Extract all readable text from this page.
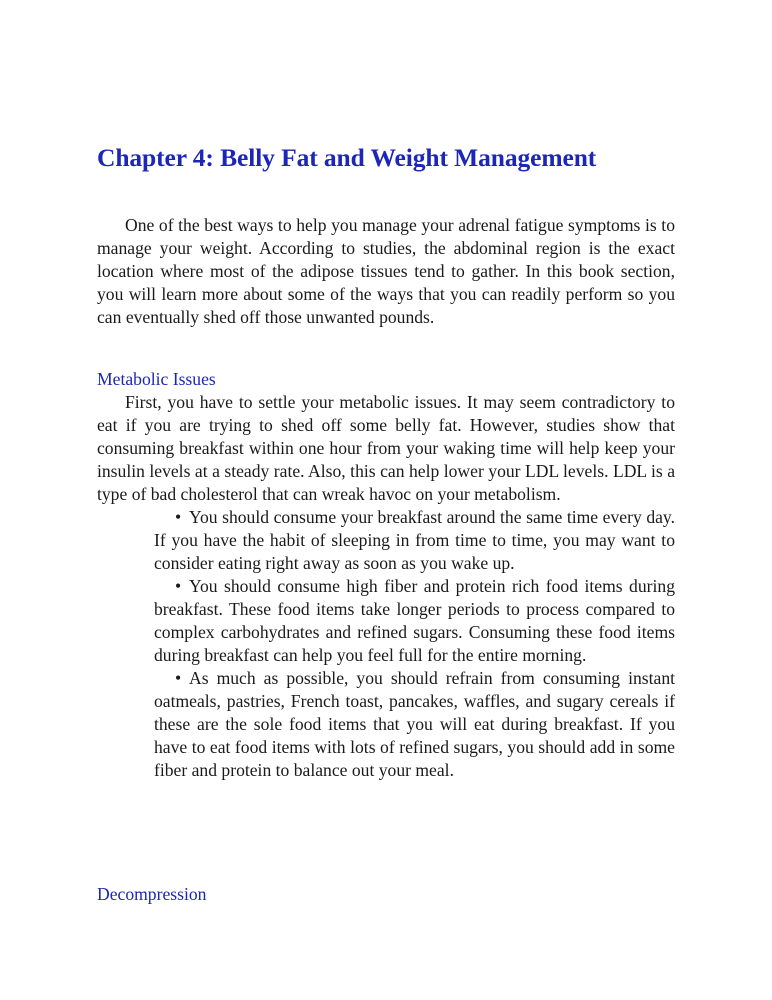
Chapter 4: Belly Fat and Weight Management

One of the best ways to help you manage your adrenal fatigue symptoms is to manage your weight. According to studies, the abdominal region is the exact location where most of the adipose tissues tend to gather. In this book section, you will learn more about some of the ways that you can readily perform so you can eventually shed off those unwanted pounds.

Metabolic Issues

First, you have to settle your metabolic issues. It may seem contradictory to eat if you are trying to shed off some belly fat. However, studies show that consuming breakfast within one hour from your waking time will help keep your insulin levels at a steady rate. Also, this can help lower your LDL levels. LDL is a type of bad cholesterol that can wreak havoc on your metabolism.

• You should consume your breakfast around the same time every day. If you have the habit of sleeping in from time to time, you may want to consider eating right away as soon as you wake up.
• You should consume high fiber and protein rich food items during breakfast. These food items take longer periods to process compared to complex carbohydrates and refined sugars. Consuming these food items during breakfast can help you feel full for the entire morning.
• As much as possible, you should refrain from consuming instant oatmeals, pastries, French toast, pancakes, waffles, and sugary cereals if these are the sole food items that you will eat during breakfast. If you have to eat food items with lots of refined sugars, you should add in some fiber and protein to balance out your meal.
Decompression
